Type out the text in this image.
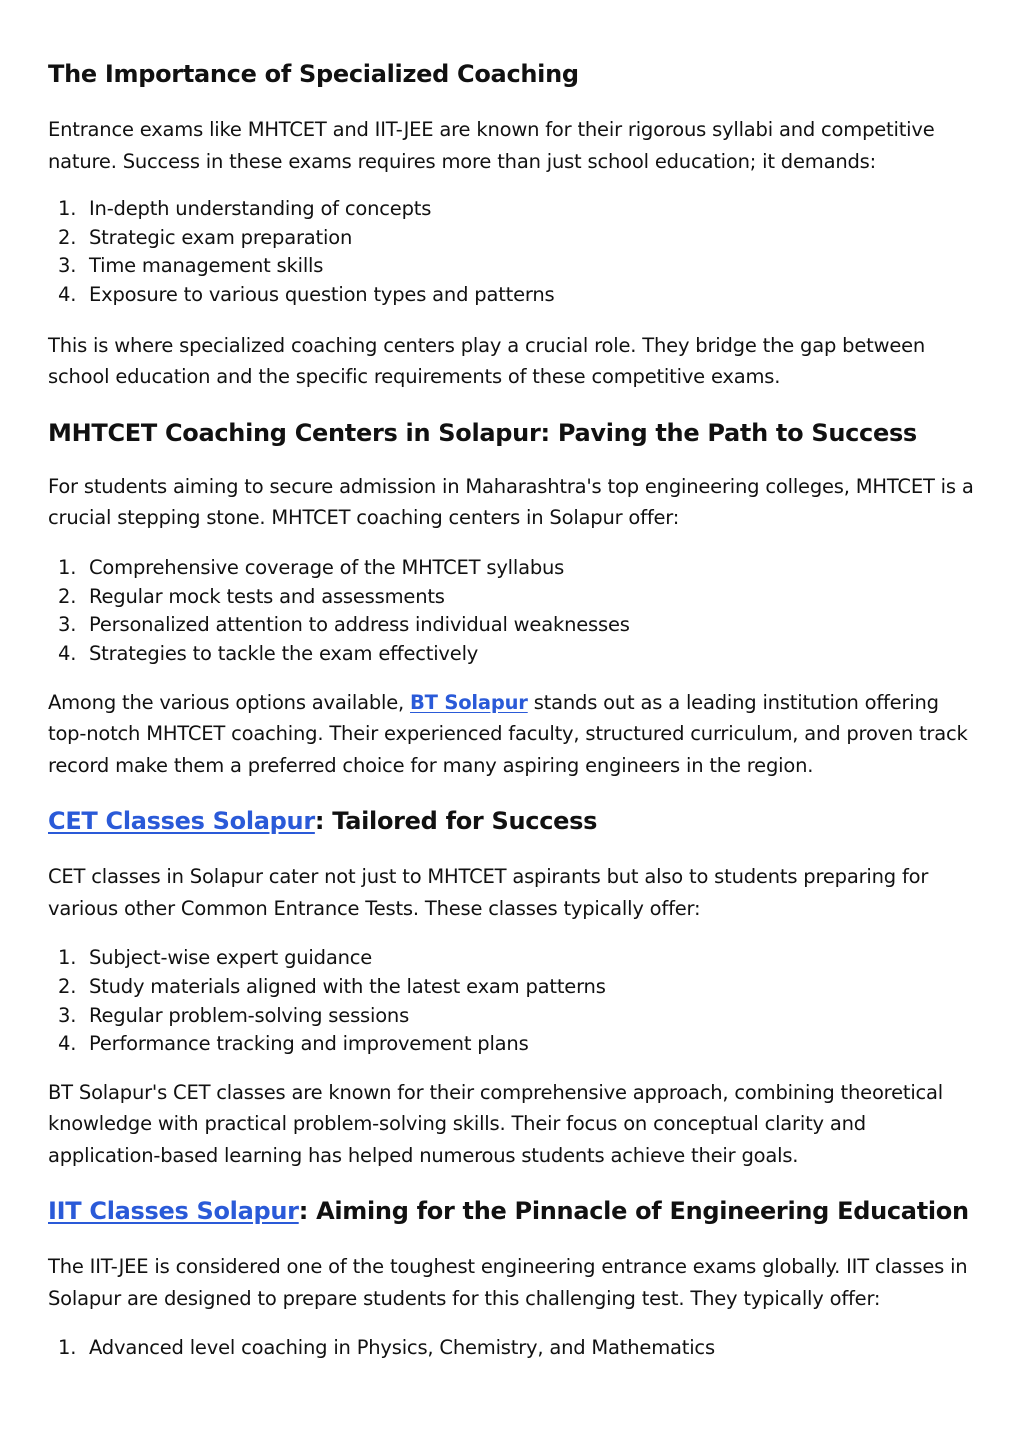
The Importance of Specialized Coaching

Entrance exams like MHTCET and IIT-JEE are known for their rigorous syllabi and competitive nature. Success in these exams requires more than just school education; it demands:

1. In-depth understanding of concepts
2. Strategic exam preparation
3. Time management skills
4. Exposure to various question types and patterns

This is where specialized coaching centers play a crucial role. They bridge the gap between school education and the specific requirements of these competitive exams.

MHTCET Coaching Centers in Solapur: Paving the Path to Success

For students aiming to secure admission in Maharashtra's top engineering colleges, MHTCET is a crucial stepping stone. MHTCET coaching centers in Solapur offer:

1. Comprehensive coverage of the MHTCET syllabus
2. Regular mock tests and assessments
3. Personalized attention to address individual weaknesses
4. Strategies to tackle the exam effectively

Among the various options available, BT Solapur stands out as a leading institution offering top-notch MHTCET coaching. Their experienced faculty, structured curriculum, and proven track record make them a preferred choice for many aspiring engineers in the region.

CET Classes Solapur: Tailored for Success

CET classes in Solapur cater not just to MHTCET aspirants but also to students preparing for various other Common Entrance Tests. These classes typically offer:

1. Subject-wise expert guidance
2. Study materials aligned with the latest exam patterns
3. Regular problem-solving sessions
4. Performance tracking and improvement plans

BT Solapur's CET classes are known for their comprehensive approach, combining theoretical knowledge with practical problem-solving skills. Their focus on conceptual clarity and application-based learning has helped numerous students achieve their goals.

IIT Classes Solapur: Aiming for the Pinnacle of Engineering Education

The IIT-JEE is considered one of the toughest engineering entrance exams globally. IIT classes in Solapur are designed to prepare students for this challenging test. They typically offer:

1. Advanced level coaching in Physics, Chemistry, and Mathematics
